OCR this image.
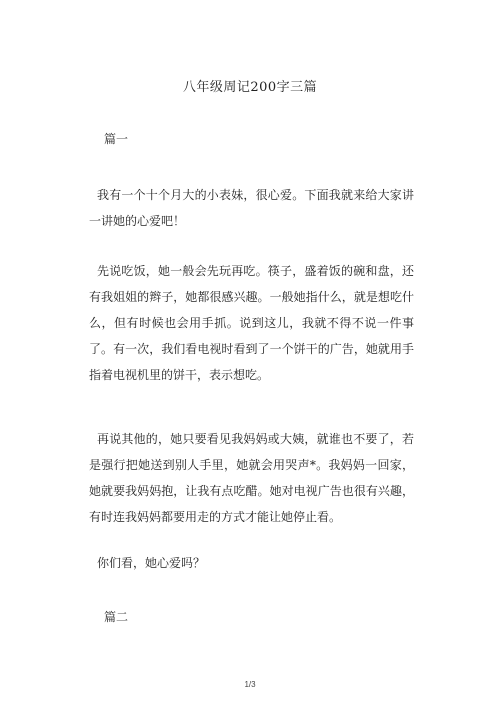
八年级周记200字三篇
篇一

我有一个十个月大的小表妹，很心爱。下面我就来给大家讲一讲她的心爱吧！

先说吃饭，她一般会先玩再吃。筷子，盛着饭的碗和盘，还有我姐姐的辫子，她都很感兴趣。一般她指什么，就是想吃什么，但有时候也会用手抓。说到这儿，我就不得不说一件事了。有一次，我们看电视时看到了一个饼干的广告，她就用手指着电视机里的饼干，表示想吃。

再说其他的，她只要看见我妈妈或大姨，就谁也不要了，若是强行把她送到别人手里，她就会用哭声*。我妈妈一回家，她就要我妈妈抱，让我有点吃醋。她对电视广告也很有兴趣，有时连我妈妈都要用走的方式才能让她停止看。

你们看，她心爱吗？

篇二
1/3
